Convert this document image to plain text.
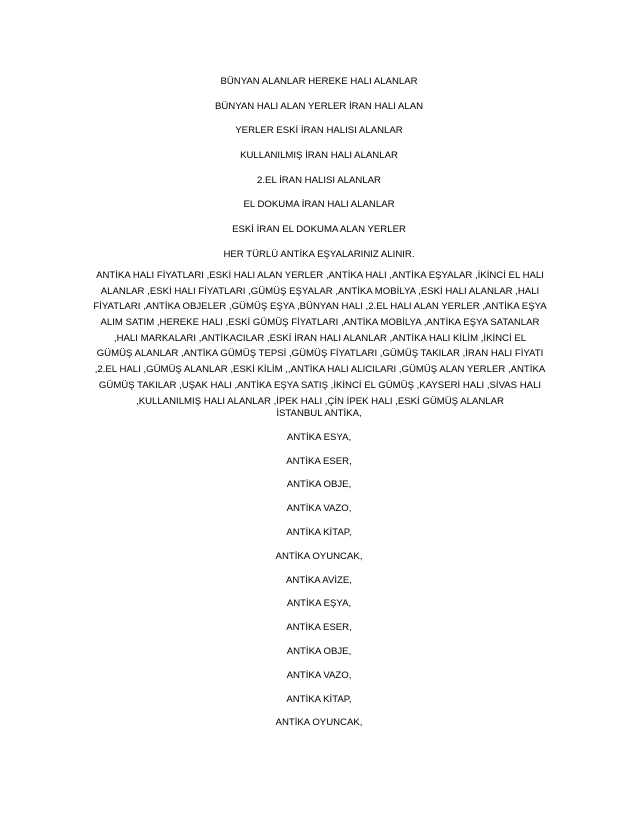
BÜNYAN ALANLAR HEREKE HALI ALANLAR
BÜNYAN HALI ALAN YERLER İRAN HALI ALAN
YERLER ESKİ İRAN HALISI ALANLAR
KULLANILMIŞ İRAN HALI ALANLAR
2.EL İRAN HALISI ALANLAR
EL DOKUMA İRAN HALI ALANLAR
ESKİ İRAN EL DOKUMA ALAN YERLER
HER TÜRLÜ ANTİKA EŞYALARINIZ ALINIR.
ANTİKA HALI FİYATLARI ,ESKİ HALI ALAN YERLER ,ANTİKA HALI ,ANTİKA EŞYALAR ,İKİNCİ EL HALI
ALANLAR ,ESKİ HALI FİYATLARI ,GÜMÜŞ EŞYALAR ,ANTİKA MOBİLYA ,ESKİ HALI ALANLAR ,HALI
FİYATLARI ,ANTİKA OBJELER ,GÜMÜŞ EŞYA ,BÜNYAN HALI ,2.EL HALI ALAN YERLER ,ANTİKA EŞYA
ALIM SATIM ,HEREKE HALI ,ESKİ GÜMÜŞ FİYATLARI ,ANTİKA MOBİLYA ,ANTİKA EŞYA SATANLAR
,HALI MARKALARI ,ANTİKACILAR ,ESKİ İRAN HALI ALANLAR ,ANTİKA HALI KİLİM ,İKİNCİ EL
GÜMÜŞ ALANLAR ,ANTİKA GÜMÜŞ TEPSİ ,GÜMÜŞ FİYATLARI ,GÜMÜŞ TAKILAR ,İRAN HALI FİYATI
,2.EL HALI ,GÜMÜŞ ALANLAR ,ESKİ KİLİM ,,ANTİKA HALI ALICILARI ,GÜMÜŞ ALAN YERLER ,ANTİKA
GÜMÜŞ TAKILAR ,UŞAK HALI ,ANTİKA EŞYA SATIŞ ,İKİNCİ EL GÜMÜŞ ,KAYSERİ HALI ,SİVAS HALI
,KULLANILMIŞ HALI ALANLAR ,İPEK HALI ,ÇİN İPEK HALI ,ESKİ GÜMÜŞ ALANLAR
İSTANBUL ANTİKA,
ANTİKA ESYA,
ANTİKA ESER,
ANTİKA OBJE,
ANTİKA VAZO,
ANTİKA KİTAP,
ANTİKA OYUNCAK,
ANTİKA AVİZE,
ANTİKA EŞYA,
ANTİKA ESER,
ANTİKA OBJE,
ANTİKA VAZO,
ANTİKA KİTAP,
ANTİKA OYUNCAK,
